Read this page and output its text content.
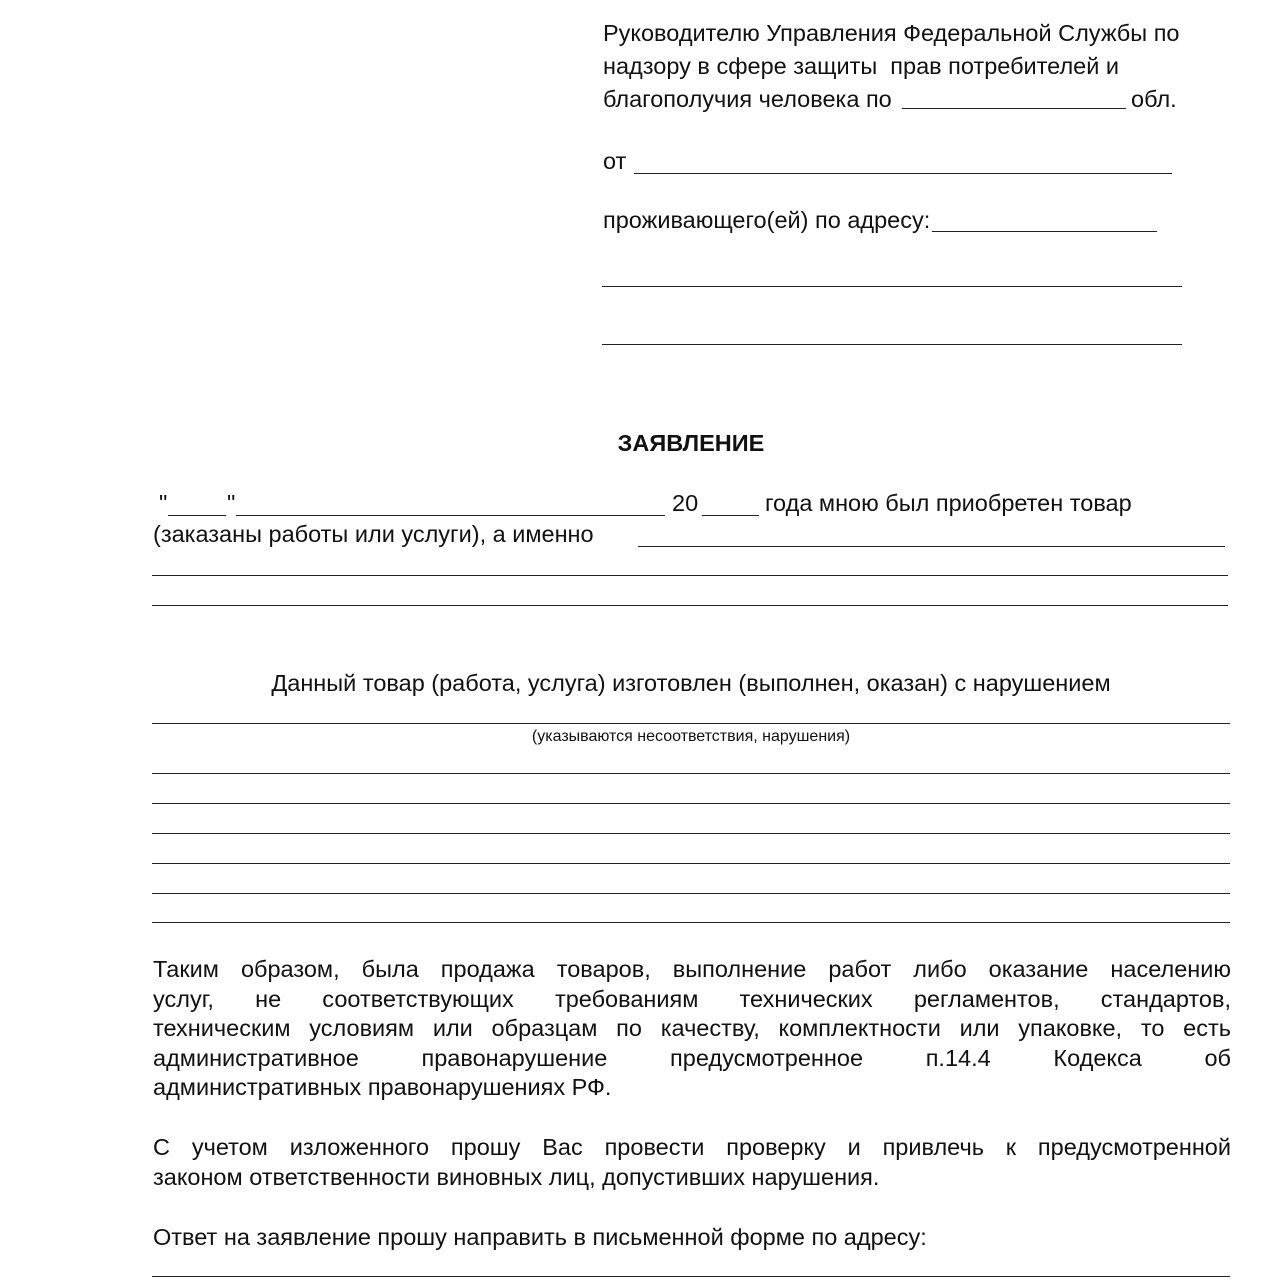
Руководителю Управления Федеральной Службы по
надзору в сфере защиты  прав потребителей и
благополучия человека по	обл.
от
проживающего(ей) по адресу:
ЗАЯВЛЕНИЕ
"	"	20	года мною был приобретен товар
(заказаны работы или услуги), а именно
Данный товар (работа, услуга) изготовлен (выполнен, оказан) с нарушением
(указываются несоответствия, нарушения)
Таким образом, была продажа товаров, выполнение работ либо оказание населению
услуг, не соответствующих требованиям технических регламентов, стандартов,
техническим условиям или образцам по качеству, комплектности или упаковке, то есть
административное правонарушение предусмотренное п.14.4 Кодекса об
административных правонарушениях РФ.
С учетом изложенного прошу Вас провести проверку и привлечь к предусмотренной
законом ответственности виновных лиц, допустивших нарушения.
Ответ на заявление прошу направить в письменной форме по адресу:
